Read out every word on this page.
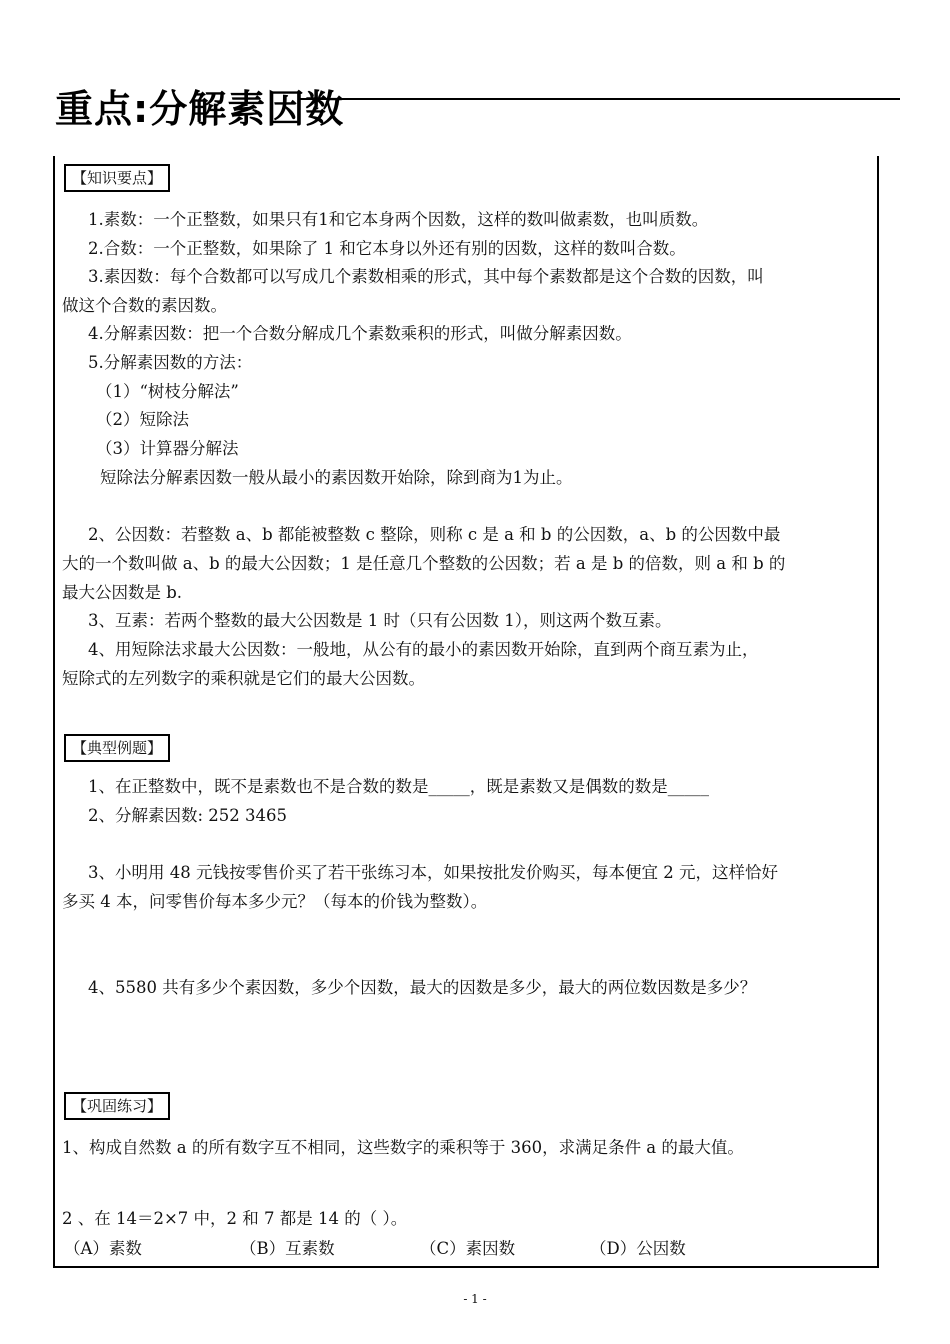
重点:分解素因数
【知识要点】
1.素数：一个正整数，如果只有1和它本身两个因数，这样的数叫做素数，也叫质数。
2.合数：一个正整数，如果除了 1 和它本身以外还有别的因数，这样的数叫合数。
3.素因数：每个合数都可以写成几个素数相乘的形式，其中每个素数都是这个合数的因数，叫
做这个合数的素因数。
4.分解素因数：把一个合数分解成几个素数乘积的形式，叫做分解素因数。
5.分解素因数的方法：
（1）“树枝分解法”
（2）短除法
（3）计算器分解法
短除法分解素因数一般从最小的素因数开始除，除到商为1为止。
2、公因数：若整数 a、b 都能被整数 c 整除，则称 c 是 a 和 b 的公因数，a、b 的公因数中最
大的一个数叫做 a、b 的最大公因数；1 是任意几个整数的公因数；若 a 是 b 的倍数，则 a 和 b 的
最大公因数是 b.
3、互素：若两个整数的最大公因数是 1 时（只有公因数 1），则这两个数互素。
4、用短除法求最大公因数：一般地，从公有的最小的素因数开始除，直到两个商互素为止，
短除式的左列数字的乘积就是它们的最大公因数。
【典型例题】
1、在正整数中，既不是素数也不是合数的数是_____，既是素数又是偶数的数是_____
2、分解素因数: 252 3465
3、小明用 48 元钱按零售价买了若干张练习本，如果按批发价购买，每本便宜 2 元，这样恰好
多买 4 本，问零售价每本多少元？（每本的价钱为整数）。
4、5580 共有多少个素因数，多少个因数，最大的因数是多少，最大的两位数因数是多少？
【巩固练习】
1、构成自然数 a 的所有数字互不相同，这些数字的乘积等于 360，求满足条件 a 的最大值。
2 、在 14＝2×7 中，2 和 7 都是 14 的（ ）。
（A）素数	（B）互素数	（C）素因数	（D）公因数
- 1 -
